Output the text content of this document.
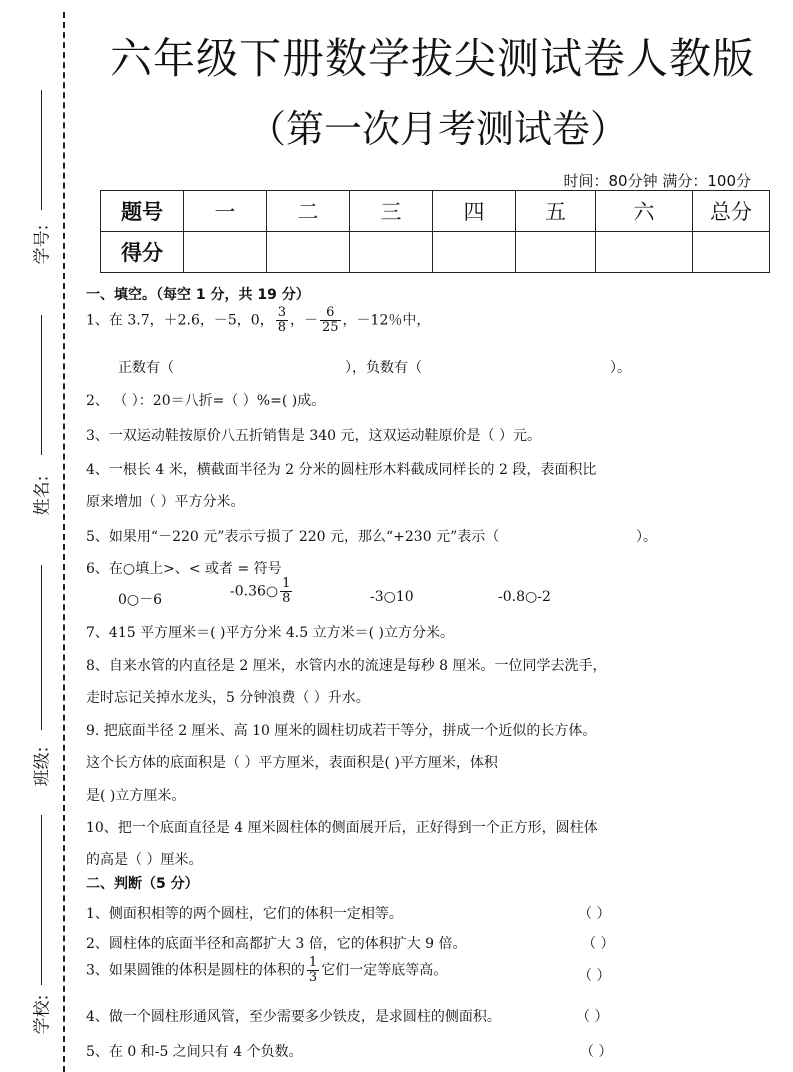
学号:
姓名:
班级:
学校:
六年级下册数学拔尖测试卷人教版
（第一次月考测试卷）
时间：80分钟 满分：100分
题号	一	二	三	四	五	六	总分
得分							
一、填空。（每空 1 分，共 19 分）
1、在 3.7，＋2.6，－5，0， $\frac{3}{8}$ ，－ $\frac{6}{25}$ ，－12％中，
正数有（	），负数有（	）。
2、 （ ）：20＝八折=（ ）%=( )成。
3、一双运动鞋按原价八五折销售是 340 元，这双运动鞋原价是（ ）元。
4、一根长 4 米，横截面半径为 2 分米的圆柱形木料截成同样长的 2 段，表面积比
原来增加（ ）平方分米。
5、如果用“－220 元”表示亏损了 220 元，那么“+230 元”表示（	）。
6、在○填上>、< 或者 = 符号
0○－6
-0.36○ $\frac{1}{8}$	-3○10	-0.8○-2
7、415 平方厘米＝( )平方分米 4.5 立方米＝( )立方分米。
8、自来水管的内直径是 2 厘米，水管内水的流速是每秒 8 厘米。一位同学去洗手，
走时忘记关掉水龙头，5 分钟浪费（ ）升水。
9. 把底面半径 2 厘米、高 10 厘米的圆柱切成若干等分，拼成一个近似的长方体。
这个长方体的底面积是（ ）平方厘米，表面积是( )平方厘米，体积
是( )立方厘米。
10、把一个底面直径是 4 厘米圆柱体的侧面展开后，正好得到一个正方形，圆柱体
的高是（ ）厘米。
二、判断（5 分）
1、侧面积相等的两个圆柱，它们的体积一定相等。	（ ）
2、圆柱体的底面半径和高都扩大 3 倍，它的体积扩大 9 倍。	（ ）
3、如果圆锥的体积是圆柱的体积的 $\frac{1}{3}$ 它们一定等底等高。	（ ）
4、做一个圆柱形通风管，至少需要多少铁皮，是求圆柱的侧面积。	（ ）
5、在 0 和-5 之间只有 4 个负数。	（ ）
